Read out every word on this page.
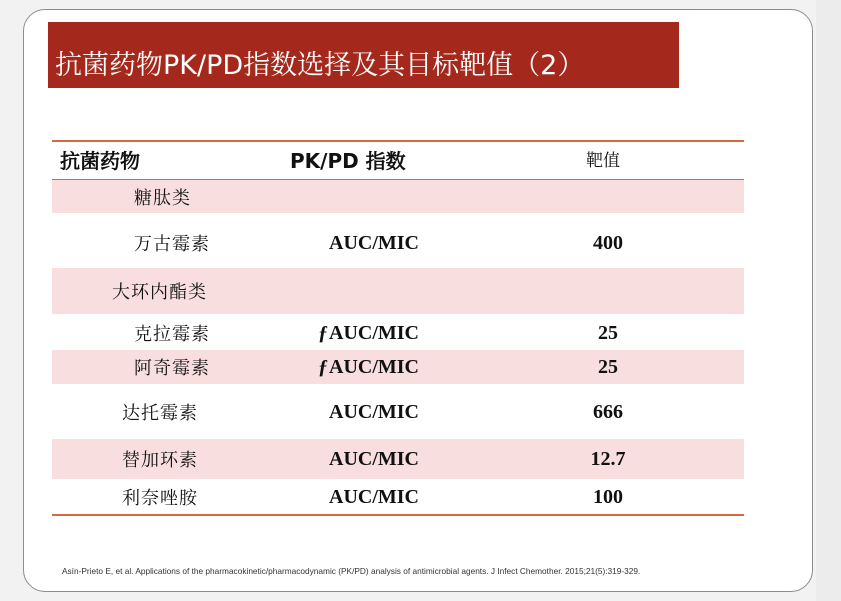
抗菌药物PK/PD指数选择及其目标靶值（2）
抗菌药物	PK/PD 指数	靶值
糖肽类
万古霉素	AUC/MIC	400
大环内酯类
克拉霉素	ƒ AUC/MIC	25
阿奇霉素	ƒ AUC/MIC	25
达托霉素	AUC/MIC	666
替加环素	AUC/MIC	12.7
利奈唑胺	AUC/MIC	100
Asín-Prieto E, et al. Applications of the pharmacokinetic/pharmacodynamic (PK/PD) analysis of antimicrobial agents. J Infect Chemother. 2015;21(5):319-329.
